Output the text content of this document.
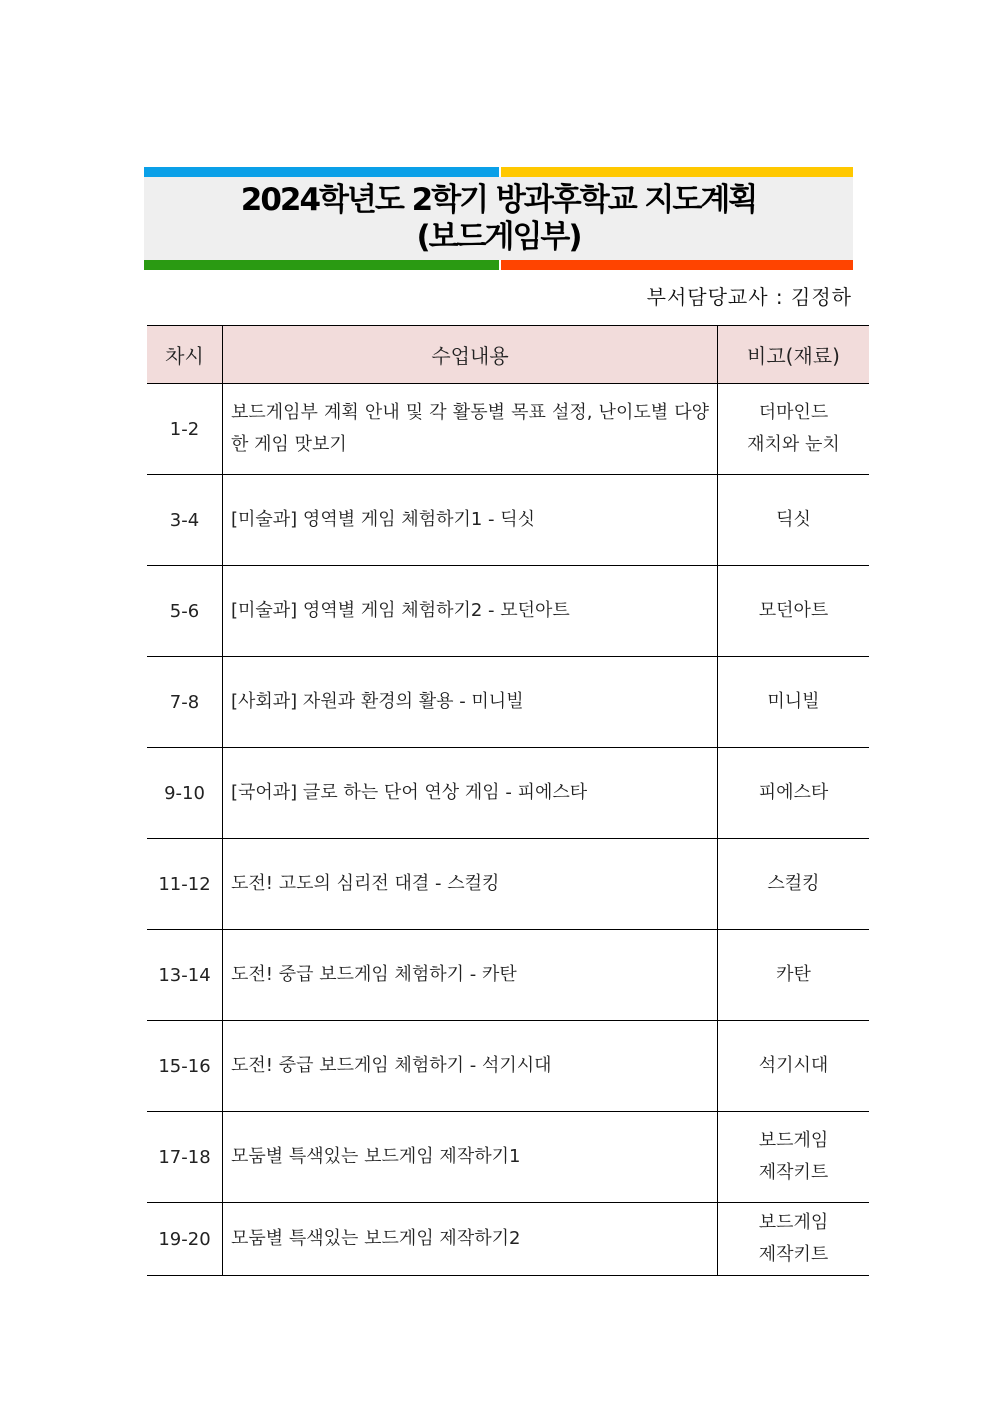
2024학년도 2학기 방과후학교 지도계획
(보드게임부)
부서담당교사 : 김정하
차시	수업내용	비고(재료)
1-2	보드게임부 계획 안내 및 각 활동별 목표 설정, 난이도별 다양한 게임 맛보기	더마인드
재치와 눈치

3-4	[미술과] 영역별 게임 체험하기1 - 딕싯	딕싯

5-6	[미술과] 영역별 게임 체험하기2 - 모던아트	모던아트

7-8	[사회과] 자원과 환경의 활용 - 미니빌	미니빌

9-10	[국어과] 글로 하는 단어 연상 게임 - 피에스타	피에스타

11-12	도전! 고도의 심리전 대결 - 스컬킹	스컬킹

13-14	도전! 중급 보드게임 체험하기 - 카탄	카탄

15-16	도전! 중급 보드게임 체험하기 - 석기시대	석기시대

17-18	모둠별 특색있는 보드게임 제작하기1	보드게임
제작키트

19-20	모둠별 특색있는 보드게임 제작하기2	보드게임
제작키트
